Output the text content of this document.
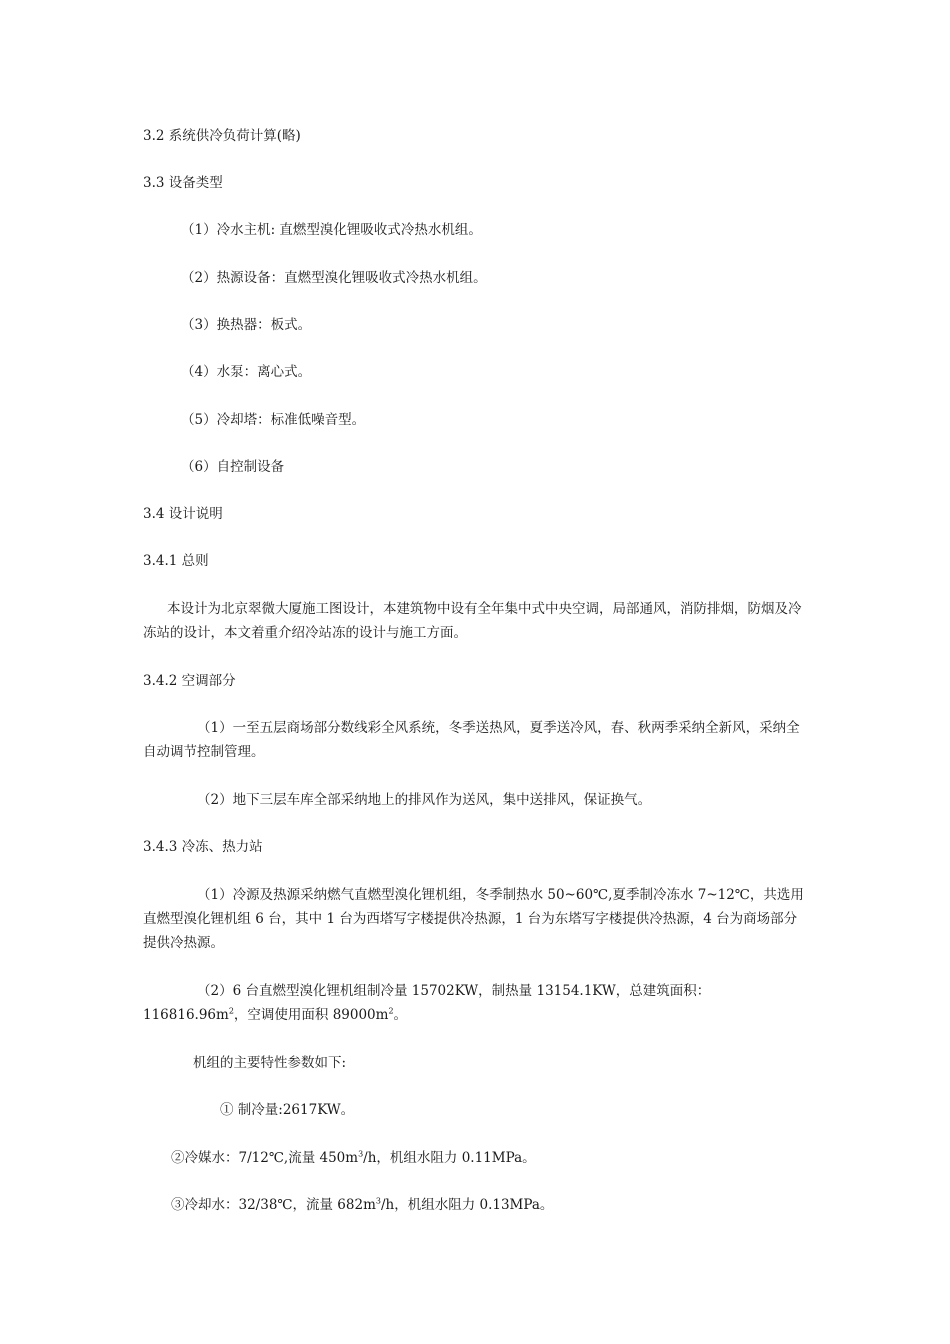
3.2 系统供冷负荷计算(略)
3.3 设备类型
（1）冷水主机: 直燃型溴化锂吸收式冷热水机组。
（2）热源设备：直燃型溴化锂吸收式冷热水机组。
（3）换热器：板式。
（4）水泵：离心式。
（5）冷却塔：标准低噪音型。
（6）自控制设备
3.4 设计说明
3.4.1 总则
本设计为北京翠微大厦施工图设计，本建筑物中设有全年集中式中央空调，局部通风，消防排烟，防烟及冷冻站的设计，本文着重介绍冷站冻的设计与施工方面。
3.4.2 空调部分
（1）一至五层商场部分数线彩全风系统，冬季送热风，夏季送冷风，春、秋两季采纳全新风，采纳全自动调节控制管理。
（2）地下三层车库全部采纳地上的排风作为送风，集中送排风，保证换气。
3.4.3 冷冻、热力站
（1）冷源及热源采纳燃气直燃型溴化锂机组，冬季制热水 50~60℃,夏季制冷冻水 7~12℃，共选用直燃型溴化锂机组 6 台，其中 1 台为西塔写字楼提供冷热源，1 台为东塔写字楼提供冷热源，4 台为商场部分提供冷热源。
（2）6 台直燃型溴化锂机组制冷量 15702KW，制热量 13154.1KW，总建筑面积：$116816.96m^2$，空调使用面积 $89000m^2$。
机组的主要特性参数如下:
① 制冷量:2617KW。
②冷媒水：7/12℃,流量 $450m^3/h$，机组水阻力 0.11MPa。
③冷却水：32/38℃，流量 $682m^3/h$，机组水阻力 0.13MPa。
